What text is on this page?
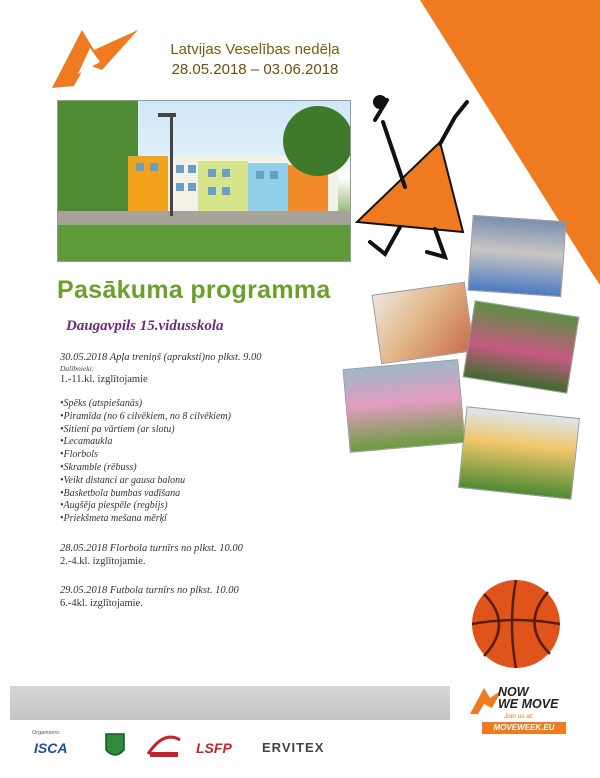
Latvijas Veselības nedēļa
28.05.2018 – 03.06.2018
Pasākuma programma
Daugavpils 15.vidusskola
30.05.2018 Apļa treniņš (apraksti)no plkst. 9.00
Dalībnieki:
1.-11.kl. izglītojamie
• Spēks (atspiešanās)
• Piramīda (no 6 cilvēkiem, no 8 cilvēkiem)
• Sitieni pa vārtiem (ar slotu)
• Lecamaukla
• Florbols
• Skramble (rēbuss)
• Veikt distanci ar gausa balonu
• Basketbola bumbas vadīšana
• Augšēja piespēle (regbijs)
• Priekšmeta mešana mērķī
28.05.2018 Florbola turnīrs no plkst. 10.00
2.-4.kl. izglītojamie.
29.05.2018 Futbola turnīrs no plkst. 10.00
6.-4kl. izglītojamie.
NOW
WE MOVE
Join us at:
MOVEWEEK.EU
Organizers:
ISCA	LSFP ERVITEX
